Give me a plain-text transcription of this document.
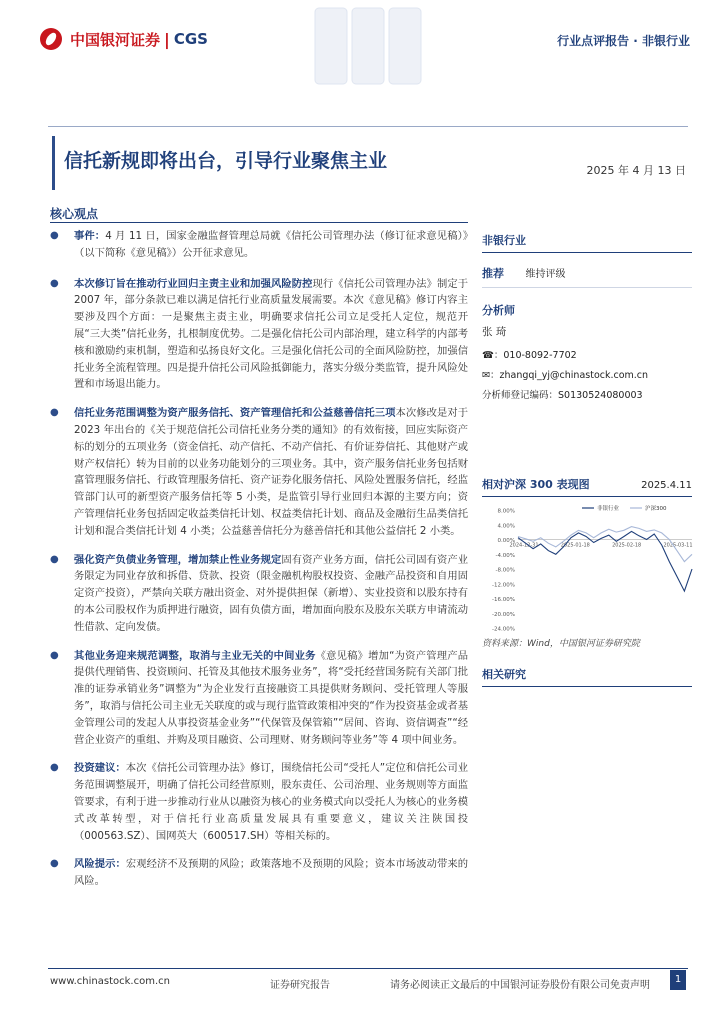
中国银河证券 | CGS	行业点评报告 · 非银行业
信托新规即将出台，引导行业聚焦主业	2025 年 4 月 13 日
核心观点
● 事件：4 月 11 日，国家金融监督管理总局就《信托公司管理办法（修订征求意见稿）》（以下简称《意见稿》）公开征求意见。
● 本次修订旨在推动行业回归主责主业和加强风险防控现行《信托公司管理办法》制定于 2007 年，部分条款已难以满足信托行业高质量发展需要。本次《意见稿》修订内容主要涉及四个方面：一是聚焦主责主业，明确要求信托公司立足受托人定位，规范开展“三大类”信托业务，扎根制度优势。二是强化信托公司内部治理，建立科学的内部考核和激励约束机制，塑造和弘扬良好文化。三是强化信托公司的全面风险防控，加强信托业务全流程管理。四是提升信托公司风险抵御能力，落实分级分类监管，提升风险处置和市场退出能力。
● 信托业务范围调整为资产服务信托、资产管理信托和公益慈善信托三项本次修改是对于 2023 年出台的《关于规范信托公司信托业务分类的通知》的有效衔接，回应实际资产标的划分的五项业务（资金信托、动产信托、不动产信托、有价证券信托、其他财产或财产权信托）转为目前的以业务功能划分的三项业务。其中，资产服务信托业务包括财富管理服务信托、行政管理服务信托、资产证券化服务信托、风险处置服务信托，经监管部门认可的新型资产服务信托等 5 小类，是监管引导行业回归本源的主要方向；资产管理信托业务包括固定收益类信托计划、权益类信托计划、商品及金融衍生品类信托计划和混合类信托计划 4 小类；公益慈善信托分为慈善信托和其他公益信托 2 小类。
● 强化资产负债业务管理，增加禁止性业务规定固有资产业务方面，信托公司固有资产业务限定为同业存放和拆借、贷款、投资（限金融机构股权投资、金融产品投资和自用固定资产投资），严禁向关联方融出资金、对外提供担保（新增）、实业投资和以股东持有的本公司股权作为质押进行融资，固有负债方面，增加面向股东及股东关联方申请流动性借款、定向发债。
● 其他业务迎来规范调整，取消与主业无关的中间业务《意见稿》增加“为资产管理产品提供代理销售、投资顾问、托管及其他技术服务业务”，将“受托经营国务院有关部门批准的证券承销业务”调整为“为企业发行直接融资工具提供财务顾问、受托管理人等服务”，取消与信托公司主业无关联度的或与现行监管政策相冲突的“作为投资基金或者基金管理公司的发起人从事投资基金业务”“代保管及保管箱”“居间、咨询、资信调查”“经营企业资产的重组、并购及项目融资、公司理财、财务顾问等业务”等 4 项中间业务。
● 投资建议：本次《信托公司管理办法》修订，围绕信托公司“受托人”定位和信托公司业务范围调整展开，明确了信托公司经营原则，股东责任、公司治理、业务规则等方面监管要求，有利于进一步推动行业从以融资为核心的业务模式向以受托人为核心的业务模式改革转型，对于信托行业高质量发展具有重要意义，建议关注陕国投（000563.SZ）、国网英大（600517.SH）等相关标的。
● 风险提示：宏观经济不及预期的风险；政策落地不及预期的风险；资本市场波动带来的风险。
非银行业
推荐 维持评级
分析师
张 琦
☎：010-8092-7702
✉：zhangqi_yj@chinastock.com.cn
分析师登记编码：S0130524080003
相对沪深 300 表现图	2025.4.11
8.00%
4.00%
0.00%
-4.00%
-8.00%
-12.00%
-16.00%
-20.00%
-24.00%
2024-12-31	2025-01-18	2025-02-18	2025-03-11
非银行业	沪深300
资料来源：Wind，中国银河证券研究院
相关研究
www.chinastock.com.cn	证券研究报告	请务必阅读正文最后的中国银河证券股份有限公司免责声明
1
